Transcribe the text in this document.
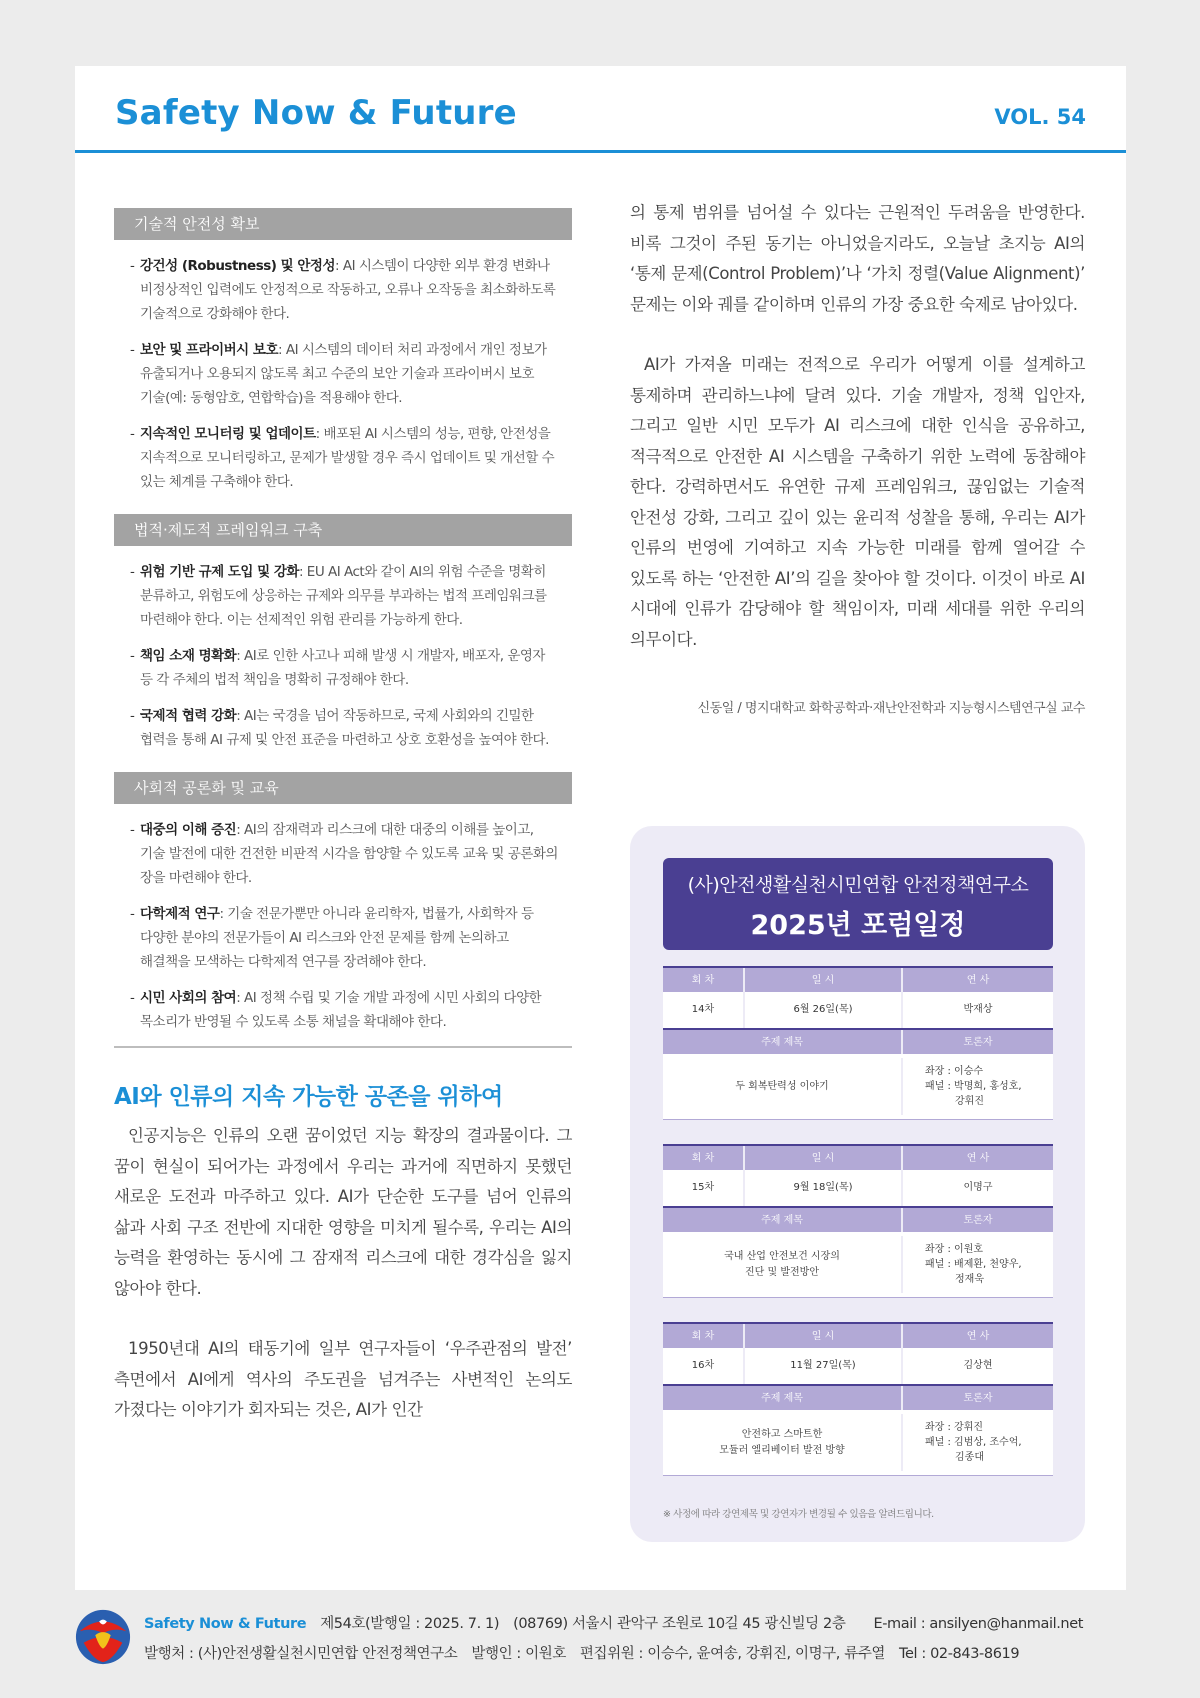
Safety Now & Future	VOL. 54
기술적 안전성 확보
- 강건성 (Robustness) 및 안정성: AI 시스템이 다양한 외부 환경 변화나 비정상적인 입력에도 안정적으로 작동하고, 오류나 오작동을 최소화하도록 기술적으로 강화해야 한다.
- 보안 및 프라이버시 보호: AI 시스템의 데이터 처리 과정에서 개인 정보가 유출되거나 오용되지 않도록 최고 수준의 보안 기술과 프라이버시 보호 기술(예: 동형암호, 연합학습)을 적용해야 한다.
- 지속적인 모니터링 및 업데이트: 배포된 AI 시스템의 성능, 편향, 안전성을 지속적으로 모니터링하고, 문제가 발생할 경우 즉시 업데이트 및 개선할 수 있는 체계를 구축해야 한다.
법적·제도적 프레임워크 구축
- 위험 기반 규제 도입 및 강화: EU AI Act와 같이 AI의 위험 수준을 명확히 분류하고, 위험도에 상응하는 규제와 의무를 부과하는 법적 프레임워크를 마련해야 한다. 이는 선제적인 위험 관리를 가능하게 한다.
- 책임 소재 명확화: AI로 인한 사고나 피해 발생 시 개발자, 배포자, 운영자 등 각 주체의 법적 책임을 명확히 규정해야 한다.
- 국제적 협력 강화: AI는 국경을 넘어 작동하므로, 국제 사회와의 긴밀한 협력을 통해 AI 규제 및 안전 표준을 마련하고 상호 호환성을 높여야 한다.
사회적 공론화 및 교육
- 대중의 이해 증진: AI의 잠재력과 리스크에 대한 대중의 이해를 높이고, 기술 발전에 대한 건전한 비판적 시각을 함양할 수 있도록 교육 및 공론화의 장을 마련해야 한다.
- 다학제적 연구: 기술 전문가뿐만 아니라 윤리학자, 법률가, 사회학자 등 다양한 분야의 전문가들이 AI 리스크와 안전 문제를 함께 논의하고 해결책을 모색하는 다학제적 연구를 장려해야 한다.
- 시민 사회의 참여: AI 정책 수립 및 기술 개발 과정에 시민 사회의 다양한 목소리가 반영될 수 있도록 소통 채널을 확대해야 한다.
AI와 인류의 지속 가능한 공존을 위하여

인공지능은 인류의 오랜 꿈이었던 지능 확장의 결과물이다. 그 꿈이 현실이 되어가는 과정에서 우리는 과거에 직면하지 못했던 새로운 도전과 마주하고 있다. AI가 단순한 도구를 넘어 인류의 삶과 사회 구조 전반에 지대한 영향을 미치게 될수록, 우리는 AI의 능력을 환영하는 동시에 그 잠재적 리스크에 대한 경각심을 잃지 않아야 한다.

1950년대 AI의 태동기에 일부 연구자들이 ‘우주관점의 발전’ 측면에서 AI에게 역사의 주도권을 넘겨주는 사변적인 논의도 가졌다는 이야기가 회자되는 것은, AI가 인간

의 통제 범위를 넘어설 수 있다는 근원적인 두려움을 반영한다. 비록 그것이 주된 동기는 아니었을지라도, 오늘날 초지능 AI의 ‘통제 문제(Control Problem)’나 ‘가치 정렬(Value Alignment)’ 문제는 이와 궤를 같이하며 인류의 가장 중요한 숙제로 남아있다.

AI가 가져올 미래는 전적으로 우리가 어떻게 이를 설계하고 통제하며 관리하느냐에 달려 있다. 기술 개발자, 정책 입안자, 그리고 일반 시민 모두가 AI 리스크에 대한 인식을 공유하고, 적극적으로 안전한 AI 시스템을 구축하기 위한 노력에 동참해야 한다. 강력하면서도 유연한 규제 프레임워크, 끊임없는 기술적 안전성 강화, 그리고 깊이 있는 윤리적 성찰을 통해, 우리는 AI가 인류의 번영에 기여하고 지속 가능한 미래를 함께 열어갈 수 있도록 하는 ‘안전한 AI’의 길을 찾아야 할 것이다. 이것이 바로 AI 시대에 인류가 감당해야 할 책임이자, 미래 세대를 위한 우리의 의무이다.

신동일 / 명지대학교 화학공학과·재난안전학과 지능형시스템연구실 교수
(사)안전생활실천시민연합 안전정책연구소
2025년 포럼일정
회 차	일 시	연 사
14차	6월 26일(목)	박재상
주제 제목	토론자
두 회복탄력성 이야기
좌장 : 이승수
패널 : 박명희, 홍성호,
강휘진
회 차	일 시	연 사
15차	9월 18일(목)	이명구
주제 제목	토론자
국내 산업 안전보건 시장의
진단 및 발전방안
좌장 : 이원호
패널 : 배제환, 천양우,
정재욱
회 차	일 시	연 사
16차	11월 27일(목)	김상현
주제 제목	토론자
안전하고 스마트한
모듈러 엘리베이터 발전 방향
좌장 : 강휘진
패널 : 김범상, 조수억,
김종대
※ 사정에 따라 강연제목 및 강연자가 변경될 수 있음을 알려드립니다.
Safety Now & Future 제54호(발행일 : 2025. 7. 1) (08769) 서울시 관악구 조원로 10길 45 광신빌딩 2층 E-mail : ansilyen@hanmail.net
발행처 : (사)안전생활실천시민연합 안전정책연구소 발행인 : 이원호 편집위원 : 이승수, 윤여송, 강휘진, 이명구, 류주열 Tel : 02-843-8619
